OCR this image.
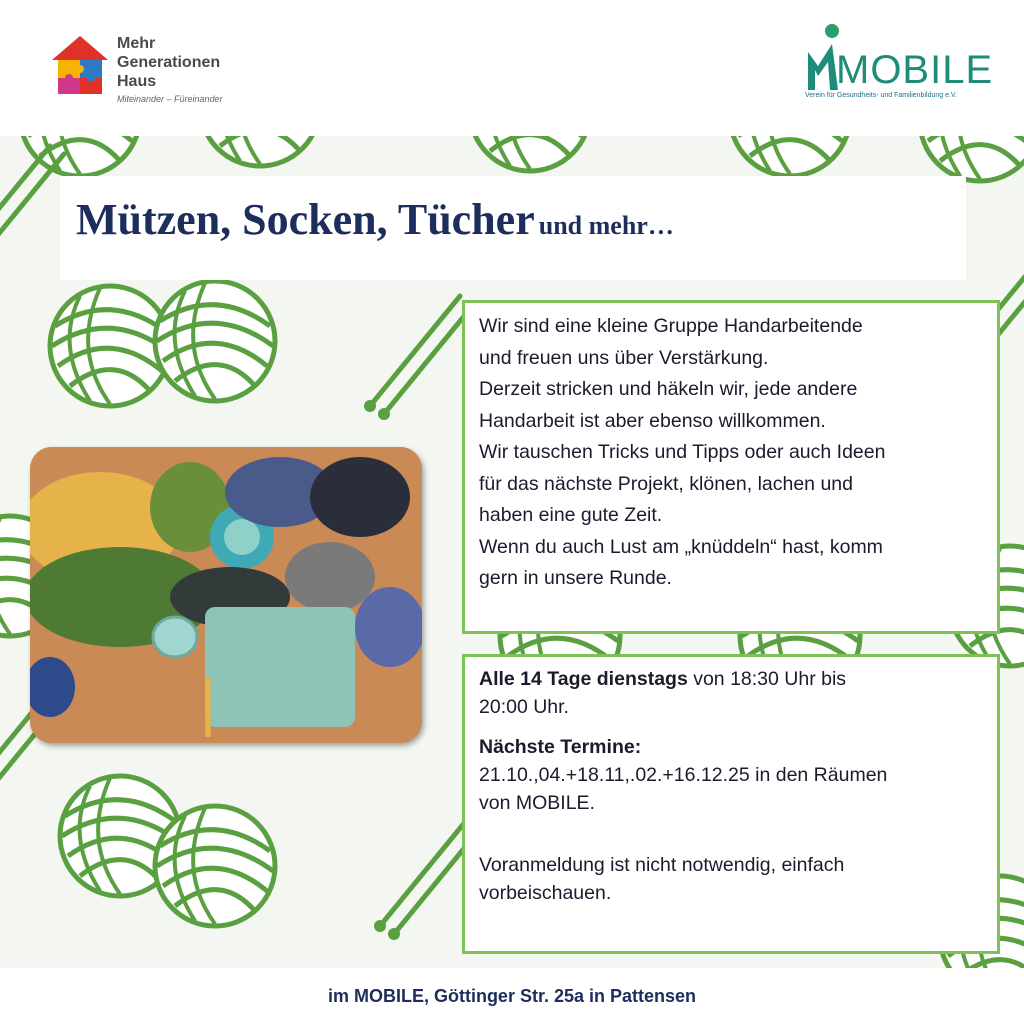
Mehr
Generationen
Haus
Miteinander – Füreinander
MOBILE
Verein für Gesundheits- und Familienbildung e.V.
Mützen, Socken, Tücher und mehr…
Wir sind eine kleine Gruppe Handarbeitende
und freuen uns über Verstärkung.
Derzeit stricken und häkeln wir, jede andere
Handarbeit ist aber ebenso willkommen.
Wir tauschen Tricks und Tipps oder auch Ideen
für das nächste Projekt, klönen, lachen und
haben eine gute Zeit.
Wenn du auch Lust am „knüddeln“ hast, komm
gern in unsere Runde.

Alle 14 Tage dienstags von 18:30 Uhr bis

20:00 Uhr.

Nächste Termine:

21.10.,04.+18.11,.02.+16.12.25 in den Räumen

von MOBILE.

Voranmeldung ist nicht notwendig, einfach

vorbeischauen.

im MOBILE, Göttinger Str. 25a in Pattensen
